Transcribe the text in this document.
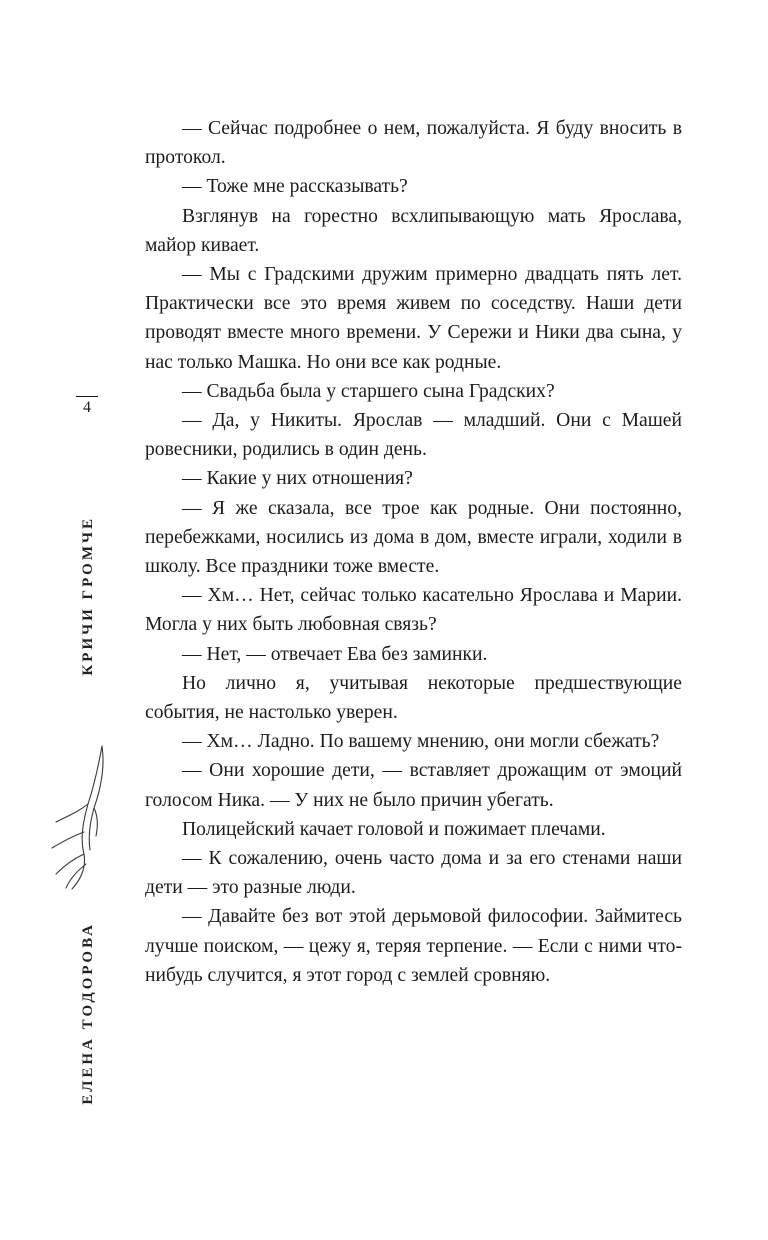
4
КРИЧИ ГРОМЧЕ
ЕЛЕНА ТОДОРОВА

— Сейчас подробнее о нем, пожалуйста. Я буду вносить в протокол.

— Тоже мне рассказывать?

Взглянув на горестно всхлипывающую мать Ярослава, майор кивает.

— Мы с Градскими дружим примерно двадцать пять лет. Практически все это время живем по соседству. Наши дети проводят вместе много времени. У Сережи и Ники два сына, у нас только Машка. Но они все как родные.

— Свадьба была у старшего сына Градских?

— Да, у Никиты. Ярослав — младший. Они с Машей ровесники, родились в один день.

— Какие у них отношения?

— Я же сказала, все трое как родные. Они постоянно, перебежками, носились из дома в дом, вместе играли, ходили в школу. Все праздники тоже вместе.

— Хм… Нет, сейчас только касательно Ярослава и Марии. Могла у них быть любовная связь?

— Нет, — отвечает Ева без заминки.

Но лично я, учитывая некоторые предшествующие события, не настолько уверен.

— Хм… Ладно. По вашему мнению, они могли сбежать?

— Они хорошие дети, — вставляет дрожащим от эмоций голосом Ника. — У них не было причин убегать.

Полицейский качает головой и пожимает плечами.

— К сожалению, очень часто дома и за его стенами наши дети — это разные люди.

— Давайте без вот этой дерьмовой философии. Займитесь лучше поиском, — цежу я, теряя терпение. — Если с ними что-нибудь случится, я этот город с землей сровняю.
